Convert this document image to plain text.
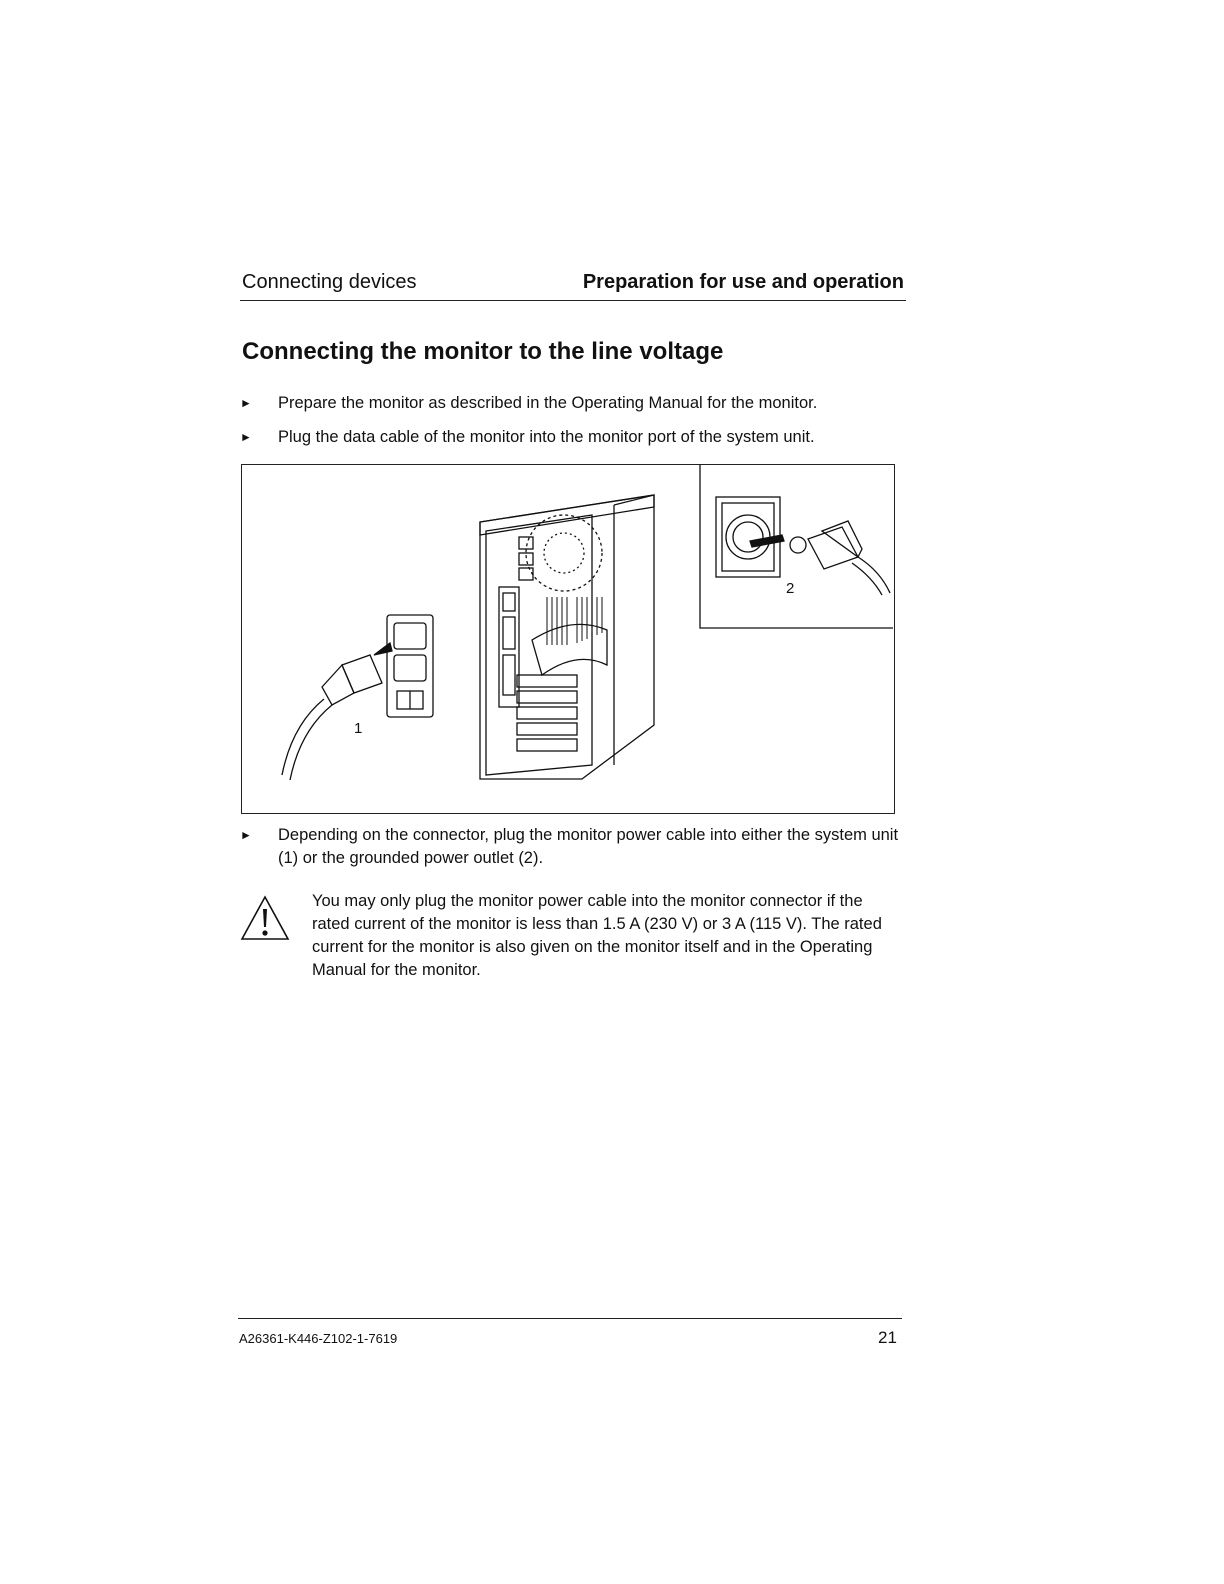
Connecting devices	Preparation for use and operation
Connecting the monitor to the line voltage
►	Prepare the monitor as described in the Operating Manual for the monitor.
►	Plug the data cable of the monitor into the monitor port of the system unit.
1
2
►	Depending on the connector, plug the monitor power cable into either the system unit (1) or the grounded power outlet (2).
You may only plug the monitor power cable into the monitor connector if the rated current of the monitor is less than 1.5 A (230 V) or 3 A (115 V). The rated current for the monitor is also given on the monitor itself and in the Operating Manual for the monitor.
A26361-K446-Z102-1-7619	21
